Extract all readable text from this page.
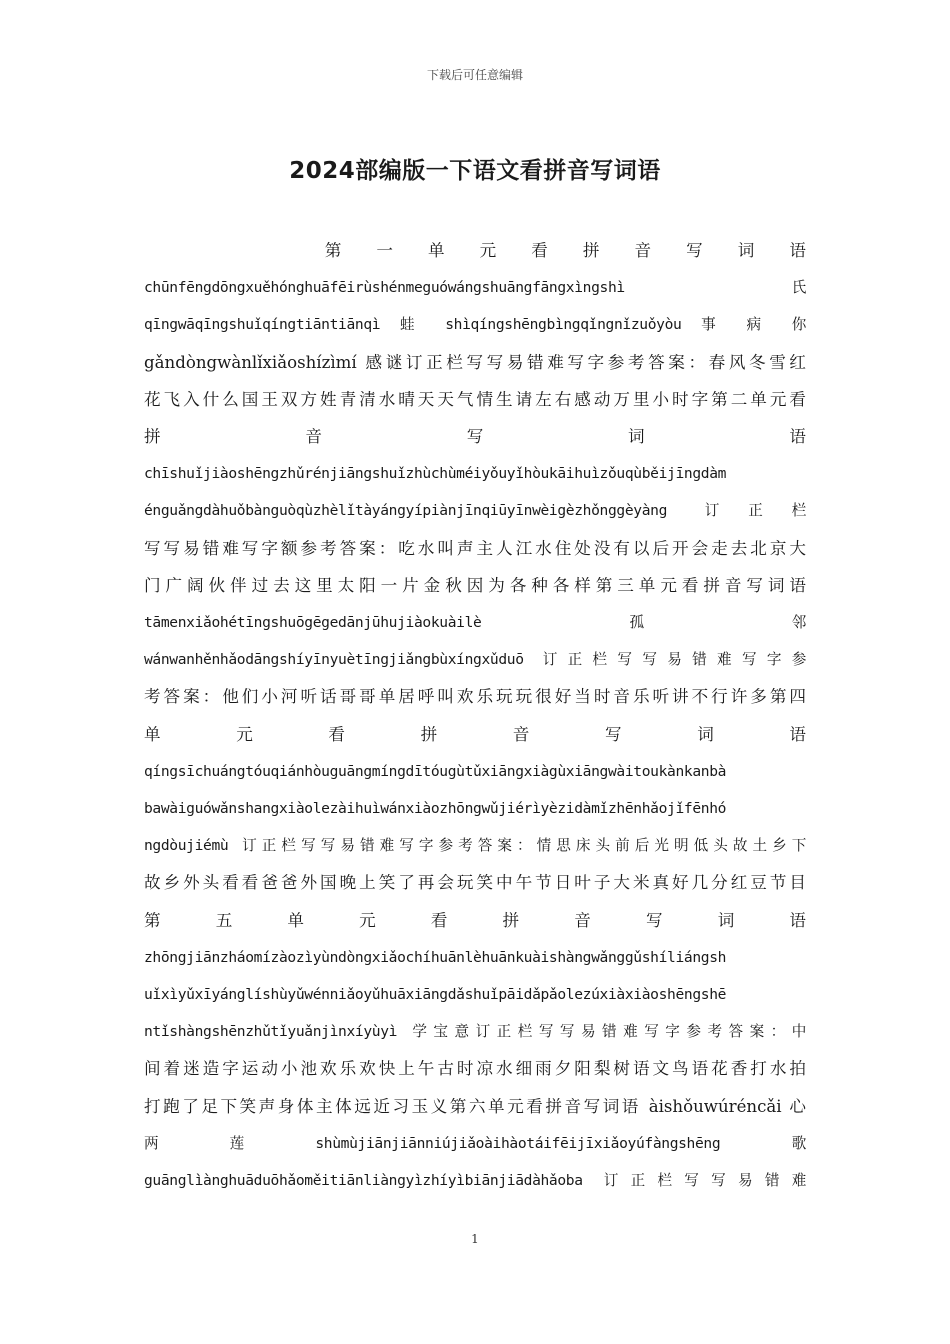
下载后可任意编辑
2024部编版一下语文看拼音写词语
　　　　　　　第　一　单　元　看　拼　音　写　词　语
chūnfēngdōngxuěhónghuāfēirùshénmeguówángshuāngfāngxìngshì　　　氏
qīngwāqīngshuǐqíngtiāntiānqì 蛙 shìqíngshēngbìngqǐngnǐzuǒyòu 事 病 你
gǎndòngwànlǐxiǎoshízìmí 感谜订正栏写写易错难写字参考答案：春风冬雪红
花飞入什么国王双方姓青清水晴天天气情生请左右感动万里小时字第二单元看
拼　　　　音　　　　写　　　　词　　　　语
chīshuǐjiàoshēngzhǔrénjiāngshuǐzhùchùméiyǒuyǐhòukāihuìzǒuqùběijīngdàm
énguǎngdàhuǒbànguòqùzhèlǐtàyángyípiànjīnqiūyīnwèigèzhǒnggèyàng 订正栏
写写易错难写字额参考答案：吃水叫声主人江水住处没有以后开会走去北京大
门广阔伙伴过去这里太阳一片金秋因为各种各样第三单元看拼音写词语
tāmenxiǎohétīngshuōgēgedānjūhujiàokuàilè　　　孤　　　邻
wánwanhěnhǎodāngshíyīnyuètīngjiǎngbùxíngxǔduō 订正栏写写易错难写字参
考答案：他们小河听话哥哥单居呼叫欢乐玩玩很好当时音乐听讲不行许多第四
单　　元　　看　　拼　　音　　写　　词　　语
qíngsīchuángtóuqiánhòuguāngmíngdītóugùtǔxiāngxiàgùxiāngwàitoukànkanbà
bawàiguówǎnshangxiàolezàihuìwánxiàozhōngwǔjiérìyèzidàmǐzhēnhǎojǐfēnhó
ngdòujiémù 订正栏写写易错难写字参考答案：情思床头前后光明低头故土乡下
故乡外头看看爸爸外国晚上笑了再会玩笑中午节日叶子大米真好几分红豆节目
第　　五　　单　　元　　看　　拼　　音　　写　　词　　语
zhōngjiānzháomízàozìyùndòngxiǎochíhuānlèhuānkuàishàngwǎnggǔshíliángsh
uǐxìyǔxīyánglíshùyǔwénniǎoyǔhuāxiāngdǎshuǐpāidǎpǎolezúxiàxiàoshēngshē
ntǐshàngshēnzhǔtǐyuǎnjìnxíyùyì 学宝意订正栏写写易错难写字参考答案：中
间着迷造字运动小池欢乐欢快上午古时凉水细雨夕阳梨树语文鸟语花香打水拍
打跑了足下笑声身体主体远近习玉义第六单元看拼音写词语 àishǒuwúréncǎi 心
两　　莲　　shùmùjiānjiānniújiǎoàihàotáifēijīxiǎoyúfàngshēng　　歌
guānglìànghuāduōhǎoměitiānliàngyìzhíyìbiānjiādàhǎoba 订正栏写写易错难
1
